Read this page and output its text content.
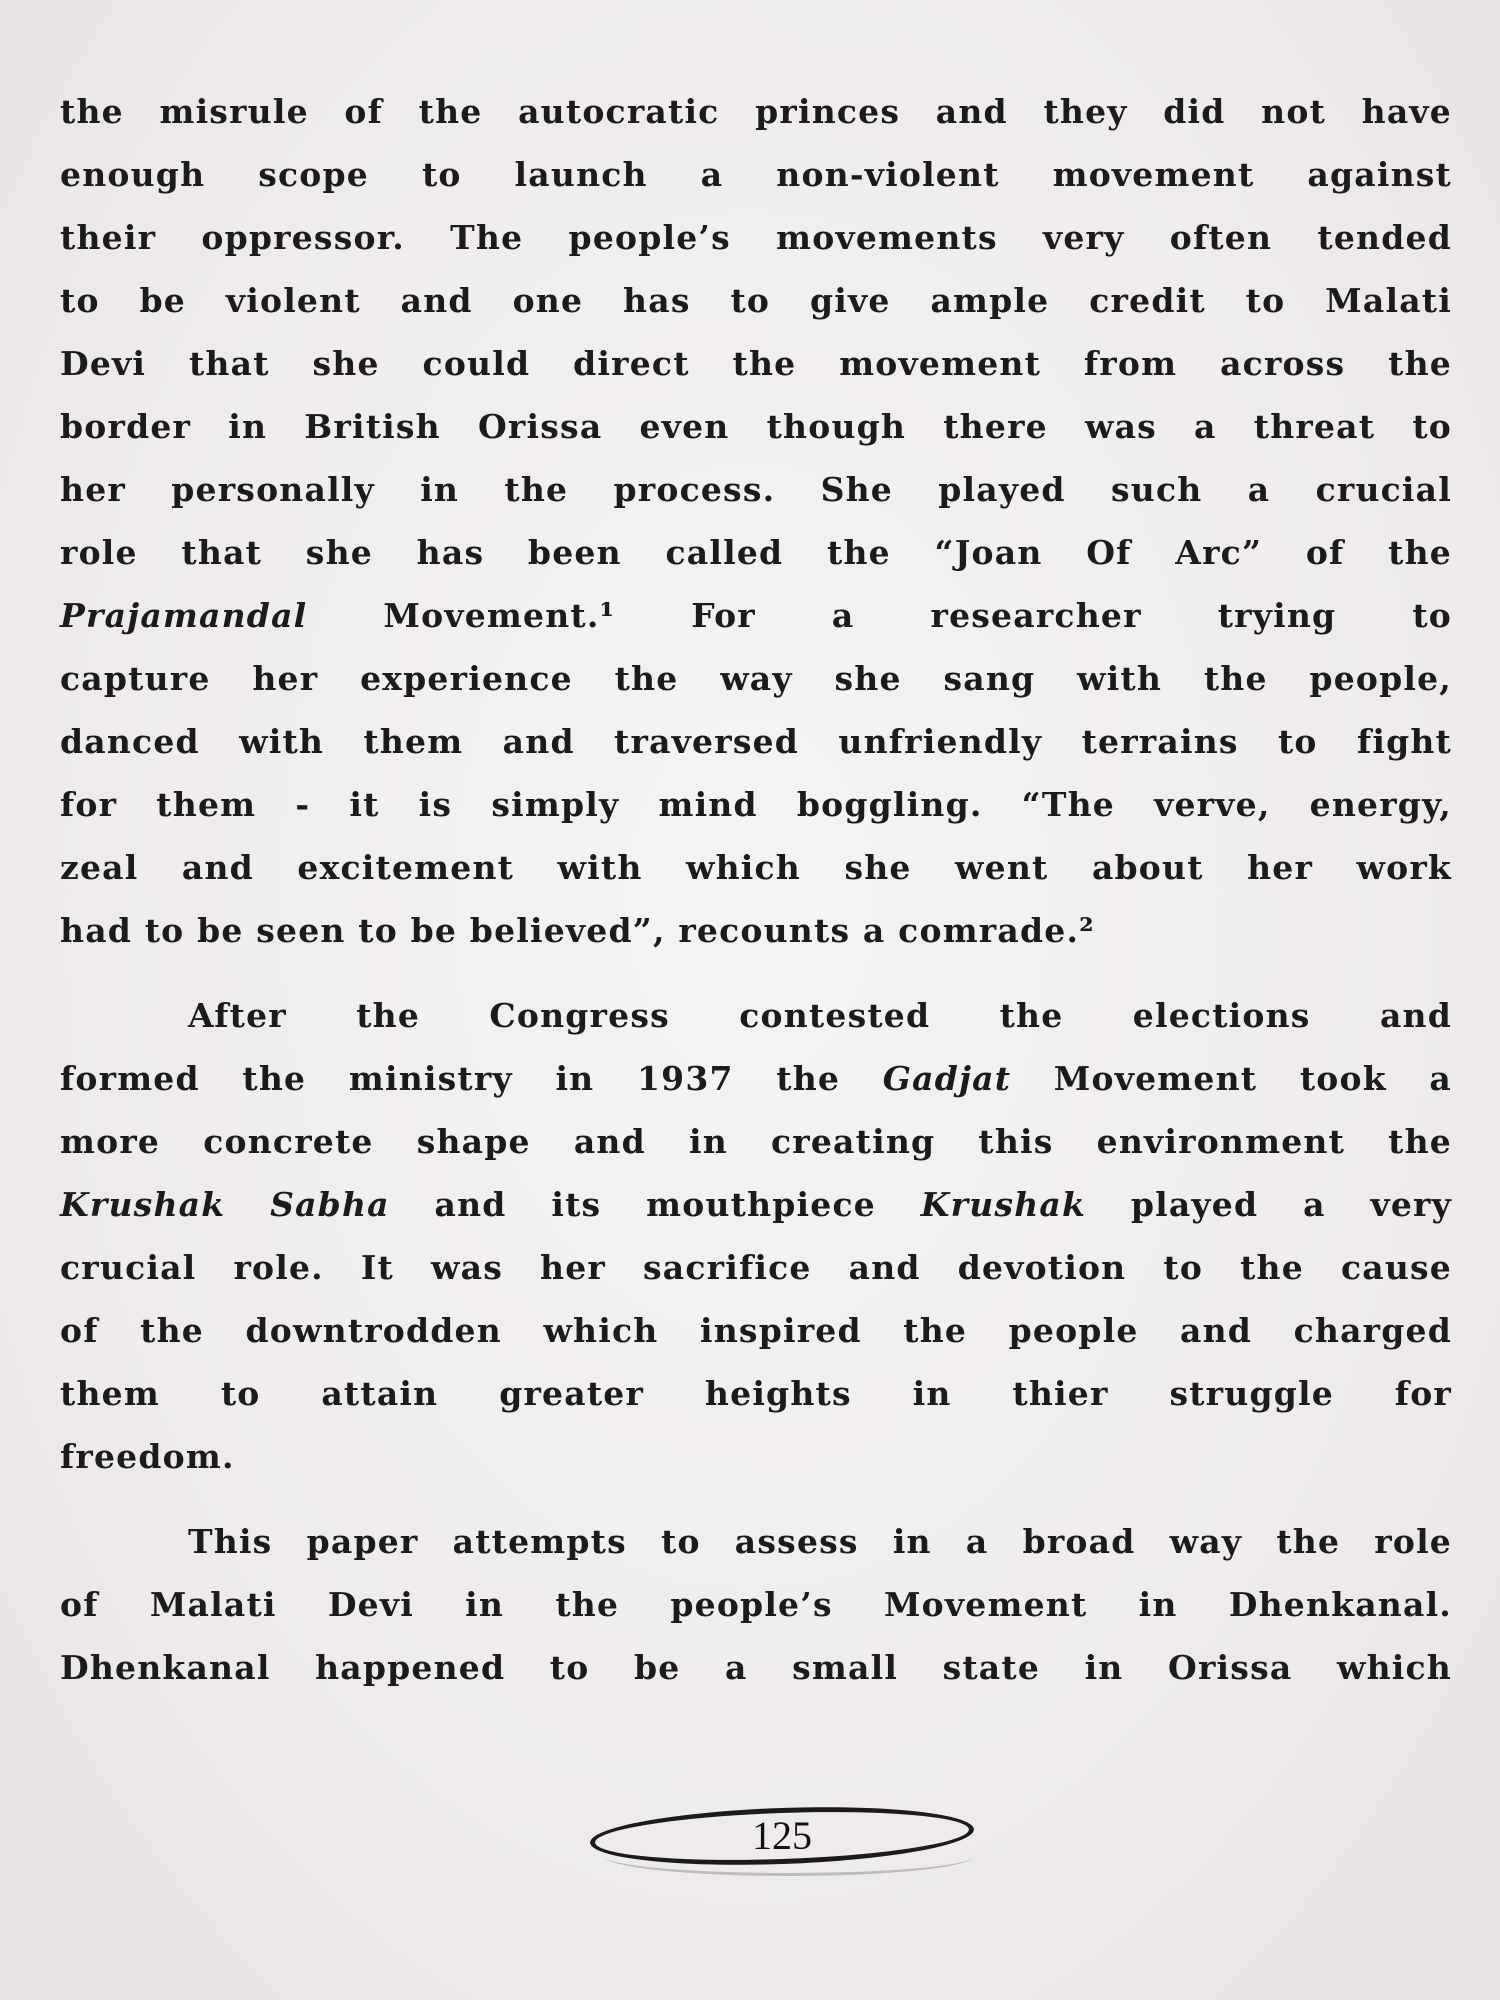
the misrule of the autocratic princes and they did not have
enough scope to launch a non-violent movement against
their oppressor. The people’s movements very often tended
to be violent and one has to give ample credit to Malati
Devi that she could direct the movement from across the
border in British Orissa even though there was a threat to
her personally in the process. She played such a crucial
role that she has been called the “Joan Of Arc” of the
Prajamandal Movement.¹ For a researcher trying to
capture her experience the way she sang with the people,
danced with them and traversed unfriendly terrains to fight
for them - it is simply mind boggling. “The verve, energy,
zeal and excitement with which she went about her work
had to be seen to be believed”, recounts a comrade.²
After the Congress contested the elections and
formed the ministry in 1937 the Gadjat Movement took a
more concrete shape and in creating this environment the
Krushak Sabha and its mouthpiece Krushak played a very
crucial role. It was her sacrifice and devotion to the cause
of the downtrodden which inspired the people and charged
them to attain greater heights in thier struggle for
freedom.
This paper attempts to assess in a broad way the role
of Malati Devi in the people’s Movement in Dhenkanal.
Dhenkanal happened to be a small state in Orissa which
125
